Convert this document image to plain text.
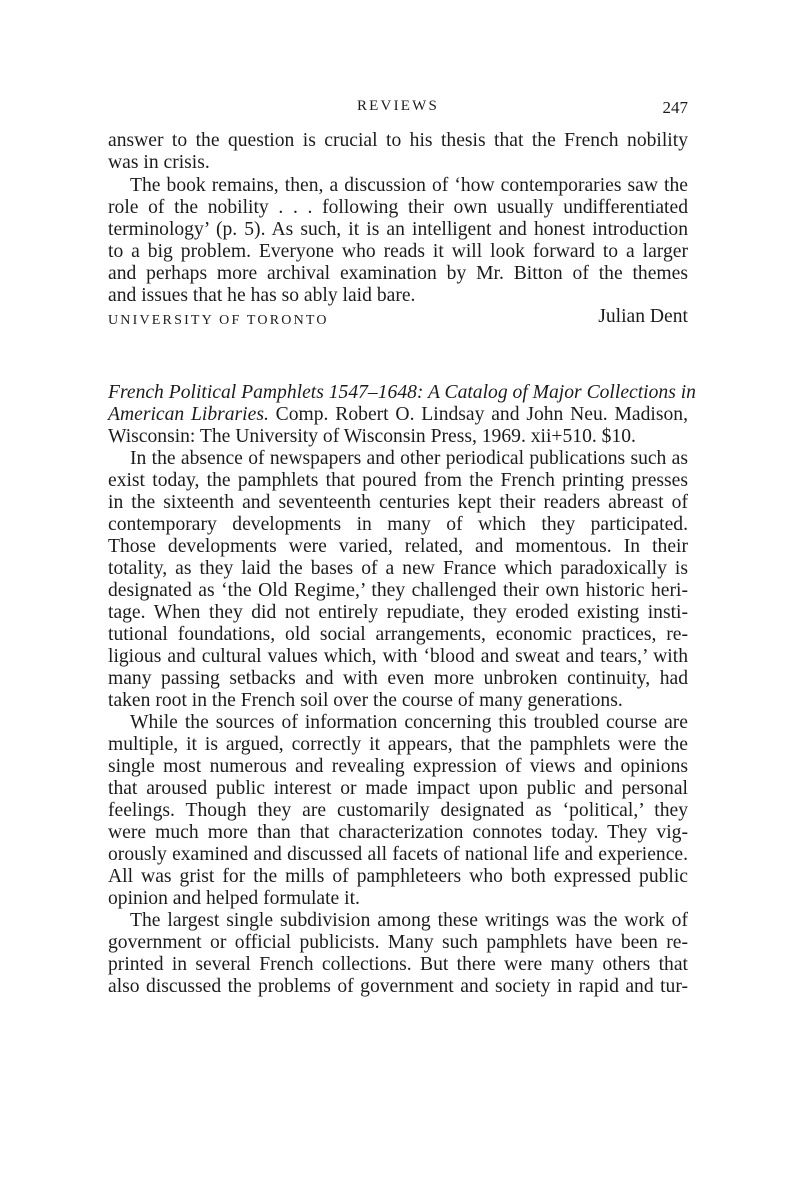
REVIEWS	247
answer to the question is crucial to his thesis that the French nobility
was in crisis.
The book remains, then, a discussion of ‘how contemporaries saw the
role of the nobility . . . following their own usually undifferentiated
terminology’ (p. 5). As such, it is an intelligent and honest introduction
to a big problem. Everyone who reads it will look forward to a larger
and perhaps more archival examination by Mr. Bitton of the themes
and issues that he has so ably laid bare.
UNIVERSITY OF TORONTO	Julian Dent
French Political Pamphlets 1547–1648: A Catalog of Major Collections in
American Libraries. Comp. Robert O. Lindsay and John Neu. Madison,
Wisconsin: The University of Wisconsin Press, 1969. xii+510. $10.
In the absence of newspapers and other periodical publications such as
exist today, the pamphlets that poured from the French printing presses
in the sixteenth and seventeenth centuries kept their readers abreast of
contemporary developments in many of which they participated.
Those developments were varied, related, and momentous. In their
totality, as they laid the bases of a new France which paradoxically is
designated as ‘the Old Regime,’ they challenged their own historic heri-
tage. When they did not entirely repudiate, they eroded existing insti-
tutional foundations, old social arrangements, economic practices, re-
ligious and cultural values which, with ‘blood and sweat and tears,’ with
many passing setbacks and with even more unbroken continuity, had
taken root in the French soil over the course of many generations.
While the sources of information concerning this troubled course are
multiple, it is argued, correctly it appears, that the pamphlets were the
single most numerous and revealing expression of views and opinions
that aroused public interest or made impact upon public and personal
feelings. Though they are customarily designated as ‘political,’ they
were much more than that characterization connotes today. They vig-
orously examined and discussed all facets of national life and experience.
All was grist for the mills of pamphleteers who both expressed public
opinion and helped formulate it.
The largest single subdivision among these writings was the work of
government or official publicists. Many such pamphlets have been re-
printed in several French collections. But there were many others that
also discussed the problems of government and society in rapid and tur-
